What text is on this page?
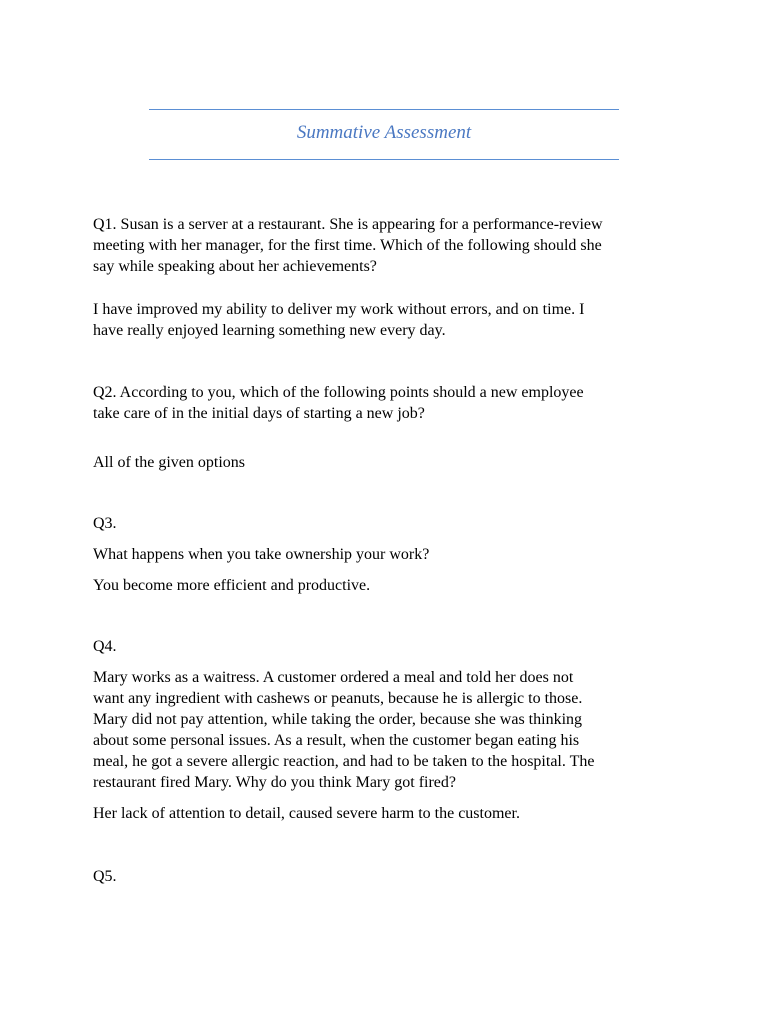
Summative Assessment
Q1. Susan is a server at a restaurant. She is appearing for a performance-review
meeting with her manager, for the first time. Which of the following should she
say while speaking about her achievements?
I have improved my ability to deliver my work without errors, and on time. I
have really enjoyed learning something new every day.
Q2. According to you, which of the following points should a new employee
take care of in the initial days of starting a new job?
All of the given options
Q3.
What happens when you take ownership your work?
You become more efficient and productive.
Q4.
Mary works as a waitress. A customer ordered a meal and told her does not
want any ingredient with cashews or peanuts, because he is allergic to those.
Mary did not pay attention, while taking the order, because she was thinking
about some personal issues. As a result, when the customer began eating his
meal, he got a severe allergic reaction, and had to be taken to the hospital. The
restaurant fired Mary. Why do you think Mary got fired?
Her lack of attention to detail, caused severe harm to the customer.
Q5.
